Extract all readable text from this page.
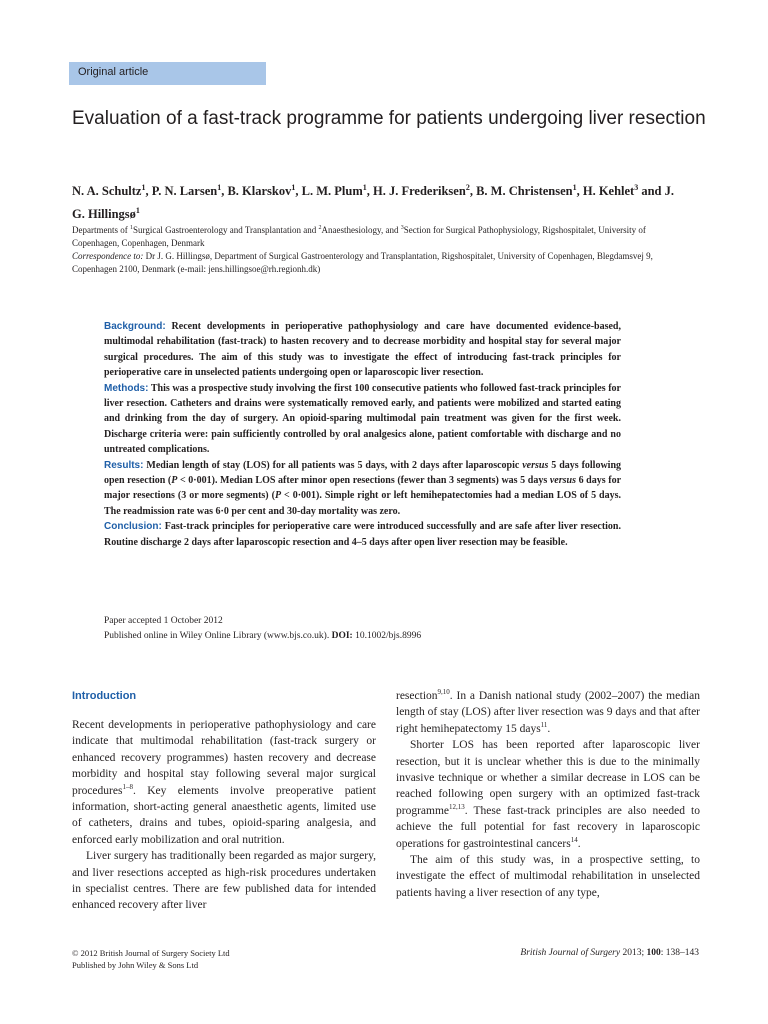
Original article
Evaluation of a fast-track programme for patients undergoing liver resection

N. A. Schultz$^1$, P. N. Larsen$^1$, B. Klarskov$^1$, L. M. Plum$^1$, H. J. Frederiksen$^2$, B. M. Christensen$^1$, H. Kehlet$^3$ and J. G. Hillingsø$^1$

Departments of $^1$Surgical Gastroenterology and Transplantation and $^2$Anaesthesiology, and $^3$Section for Surgical Pathophysiology, Rigshospitalet, University of Copenhagen, Copenhagen, Denmark

Correspondence to: Dr J. G. Hillingsø, Department of Surgical Gastroenterology and Transplantation, Rigshospitalet, University of Copenhagen, Blegdamsvej 9, Copenhagen 2100, Denmark (e-mail: jens.hillingsoe@rh.regionh.dk)

Background: Recent developments in perioperative pathophysiology and care have documented evidence-based, multimodal rehabilitation (fast-track) to hasten recovery and to decrease morbidity and hospital stay for several major surgical procedures. The aim of this study was to investigate the effect of introducing fast-track principles for perioperative care in unselected patients undergoing open or laparoscopic liver resection.

Methods: This was a prospective study involving the first 100 consecutive patients who followed fast-track principles for liver resection. Catheters and drains were systematically removed early, and patients were mobilized and started eating and drinking from the day of surgery. An opioid-sparing multimodal pain treatment was given for the first week. Discharge criteria were: pain sufficiently controlled by oral analgesics alone, patient comfortable with discharge and no untreated complications.

Results: Median length of stay (LOS) for all patients was 5 days, with 2 days after laparoscopic versus 5 days following open resection (P < 0·001). Median LOS after minor open resections (fewer than 3 segments) was 5 days versus 6 days for major resections (3 or more segments) (P < 0·001). Simple right or left hemihepatectomies had a median LOS of 5 days. The readmission rate was 6·0 per cent and 30-day mortality was zero.

Conclusion: Fast-track principles for perioperative care were introduced successfully and are safe after liver resection. Routine discharge 2 days after laparoscopic resection and 4–5 days after open liver resection may be feasible.

Paper accepted 1 October 2012

Published online in Wiley Online Library (www.bjs.co.uk). DOI: 10.1002/bjs.8996

Introduction

Recent developments in perioperative pathophysiology and care indicate that multimodal rehabilitation (fast-track surgery or enhanced recovery programmes) hasten recovery and decrease morbidity and hospital stay following several major surgical procedures$^{1-8}$. Key elements involve preoperative patient information, short-acting general anaesthetic agents, limited use of catheters, drains and tubes, opioid-sparing analgesia, and enforced early mobilization and oral nutrition.

Liver surgery has traditionally been regarded as major surgery, and liver resections accepted as high-risk procedures undertaken in specialist centres. There are few published data for intended enhanced recovery after liver

resection$^{9,10}$. In a Danish national study (2002–2007) the median length of stay (LOS) after liver resection was 9 days and that after right hemihepatectomy 15 days$^{11}$.

Shorter LOS has been reported after laparoscopic liver resection, but it is unclear whether this is due to the minimally invasive technique or whether a similar decrease in LOS can be reached following open surgery with an optimized fast-track programme$^{12,13}$. These fast-track principles are also needed to achieve the full potential for fast recovery in laparoscopic operations for gastrointestinal cancers$^{14}$.

The aim of this study was, in a prospective setting, to investigate the effect of multimodal rehabilitation in unselected patients having a liver resection of any type,

© 2012 British Journal of Surgery Society Ltd

Published by John Wiley & Sons Ltd

British Journal of Surgery 2013; 100: 138–143
